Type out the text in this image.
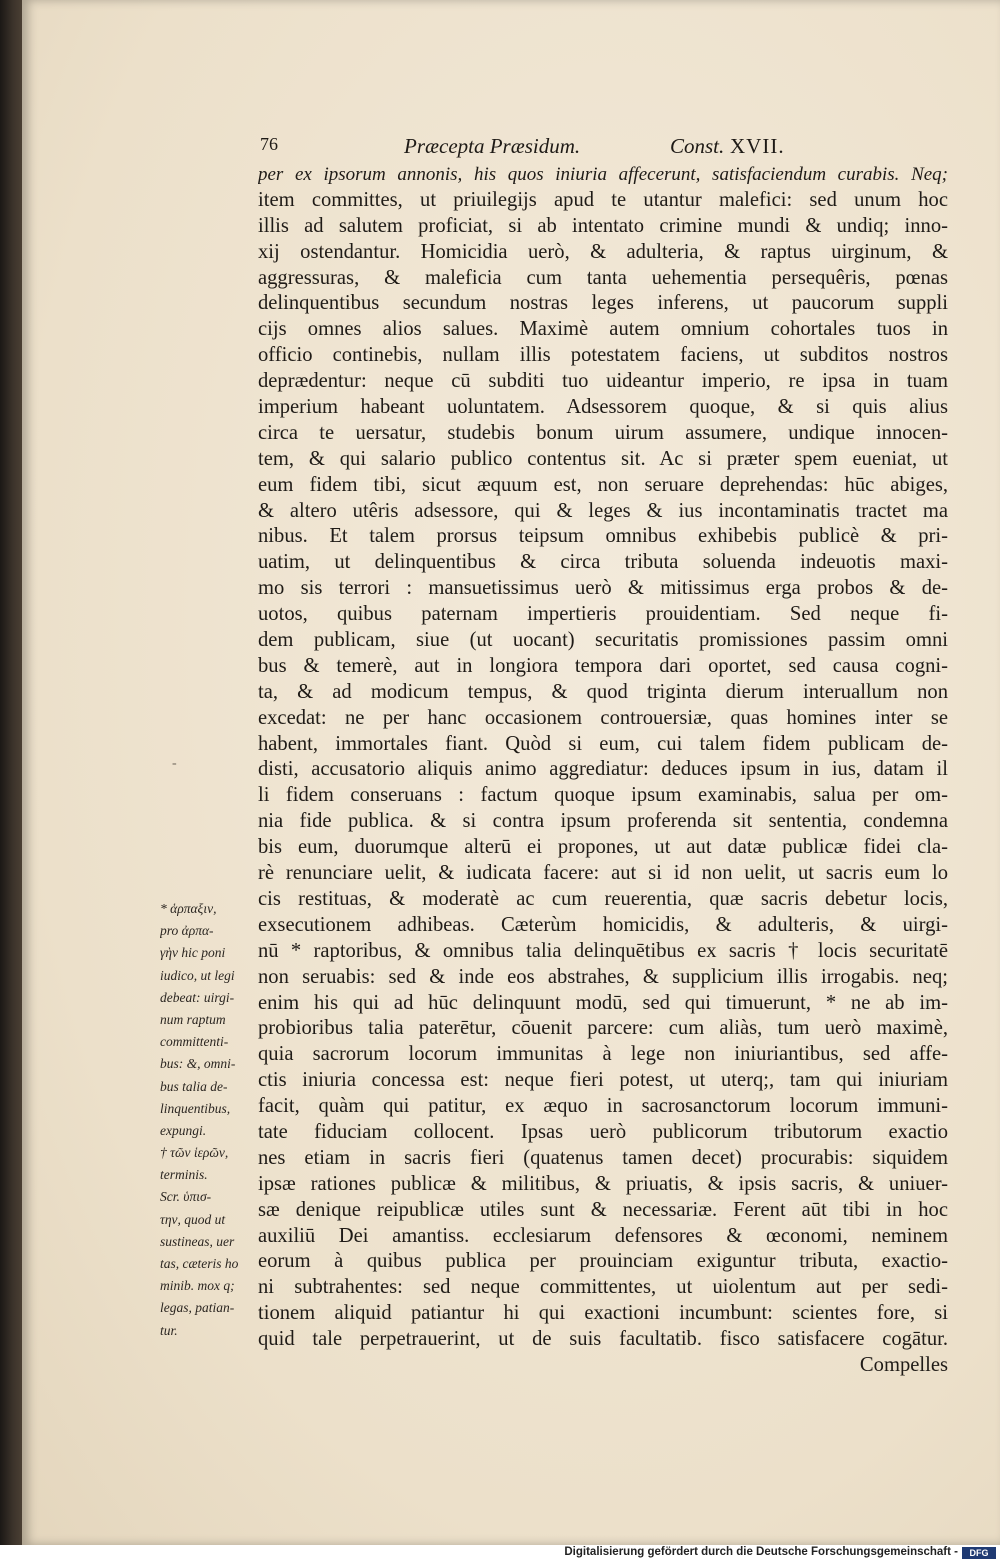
76	Præcepta Præsidum.	Const. XVII.
-
per ex ipsorum annonis, his quos iniuria affecerunt, satisfaciendum curabis. Neq;
item committes, ut priuilegijs apud te utantur malefici: sed unum hoc
illis ad salutem proficiat, si ab intentato crimine mundi & undiq; inno-
xij ostendantur. Homicidia uerò, & adulteria, & raptus uirginum, &
aggressuras, & maleficia cum tanta uehementia persequêris, pœnas
delinquentibus secundum nostras leges inferens, ut paucorum suppli
cijs omnes alios salues. Maximè autem omnium cohortales tuos in
officio continebis, nullam illis potestatem faciens, ut subditos nostros
deprædentur: neque cū subditi tuo uideantur imperio, re ipsa in tuam
imperium habeant uoluntatem. Adsessorem quoque, & si quis alius
circa te uersatur, studebis bonum uirum assumere, undique innocen-
tem, & qui salario publico contentus sit. Ac si præter spem eueniat, ut
eum fidem tibi, sicut æquum est, non seruare deprehendas: hūc abiges,
& altero utêris adsessore, qui & leges & ius incontaminatis tractet ma
nibus. Et talem prorsus teipsum omnibus exhibebis publicè & pri-
uatim, ut delinquentibus & circa tributa soluenda indeuotis maxi-
mo sis terrori : mansuetissimus uerò & mitissimus erga probos & de-
uotos, quibus paternam impertieris prouidentiam. Sed neque fi-
dem publicam, siue (ut uocant) securitatis promissiones passim omni
bus & temerè, aut in longiora tempora dari oportet, sed causa cogni-
ta, & ad modicum tempus, & quod triginta dierum interuallum non
excedat: ne per hanc occasionem controuersiæ, quas homines inter se
habent, immortales fiant. Quòd si eum, cui talem fidem publicam de-
disti, accusatorio aliquis animo aggrediatur: deduces ipsum in ius, datam il
li fidem conseruans : factum quoque ipsum examinabis, salua per om-
nia fide publica. & si contra ipsum proferenda sit sententia, condemna
bis eum, duorumque alterū ei propones, ut aut datæ publicæ fidei cla-
rè renunciare uelit, & iudicata facere: aut si id non uelit, ut sacris eum lo
cis restituas, & moderatè ac cum reuerentia, quæ sacris debetur locis,
exsecutionem adhibeas. Cæterùm homicidis, & adulteris, & uirgi-
nū * raptoribus, & omnibus talia delinquētibus ex sacris † locis securitatē
non seruabis: sed & inde eos abstrahes, & supplicium illis irrogabis. neq;
enim his qui ad hūc delinquunt modū, sed qui timuerunt, * ne ab im-
probioribus talia paterētur, cōuenit parcere: cum aliàs, tum uerò maximè,
quia sacrorum locorum immunitas à lege non iniuriantibus, sed affe-
ctis iniuria concessa est: neque fieri potest, ut uterq;, tam qui iniuriam
facit, quàm qui patitur, ex æquo in sacrosanctorum locorum immuni-
tate fiduciam collocent. Ipsas uerò publicorum tributorum exactio
nes etiam in sacris fieri (quatenus tamen decet) procurabis: siquidem
ipsæ rationes publicæ & militibus, & priuatis, & ipsis sacris, & uniuer-
sæ denique reipublicæ utiles sunt & necessariæ. Ferent aūt tibi in hoc
auxiliū Dei amantiss. ecclesiarum defensores & œconomi, neminem
eorum à quibus publica per prouinciam exiguntur tributa, exactio-
ni subtrahentes: sed neque committentes, ut uiolentum aut per sedi-
tionem aliquid patiantur hi qui exactioni incumbunt: scientes fore, si
quid tale perpetrauerint, ut de suis facultatib. fisco satisfacere cogātur.
Compelles
* ἁρπαξιν,
pro ἀρπα-
γὴν hic poni
iudico, ut legi
debeat: uirgi-
num raptum
committenti-
bus: &, omni-
bus talia de-
linquentibus,
expungi.
† τῶν ἱερῶν,
terminis.
Scr. ὑπισ-
την, quod ut
sustineas, uer
tas, cæteris ho
minib. mox q;
legas, patian-
tur.
Digitalisierung gefördert durch die Deutsche Forschungsgemeinschaft -	DFG
